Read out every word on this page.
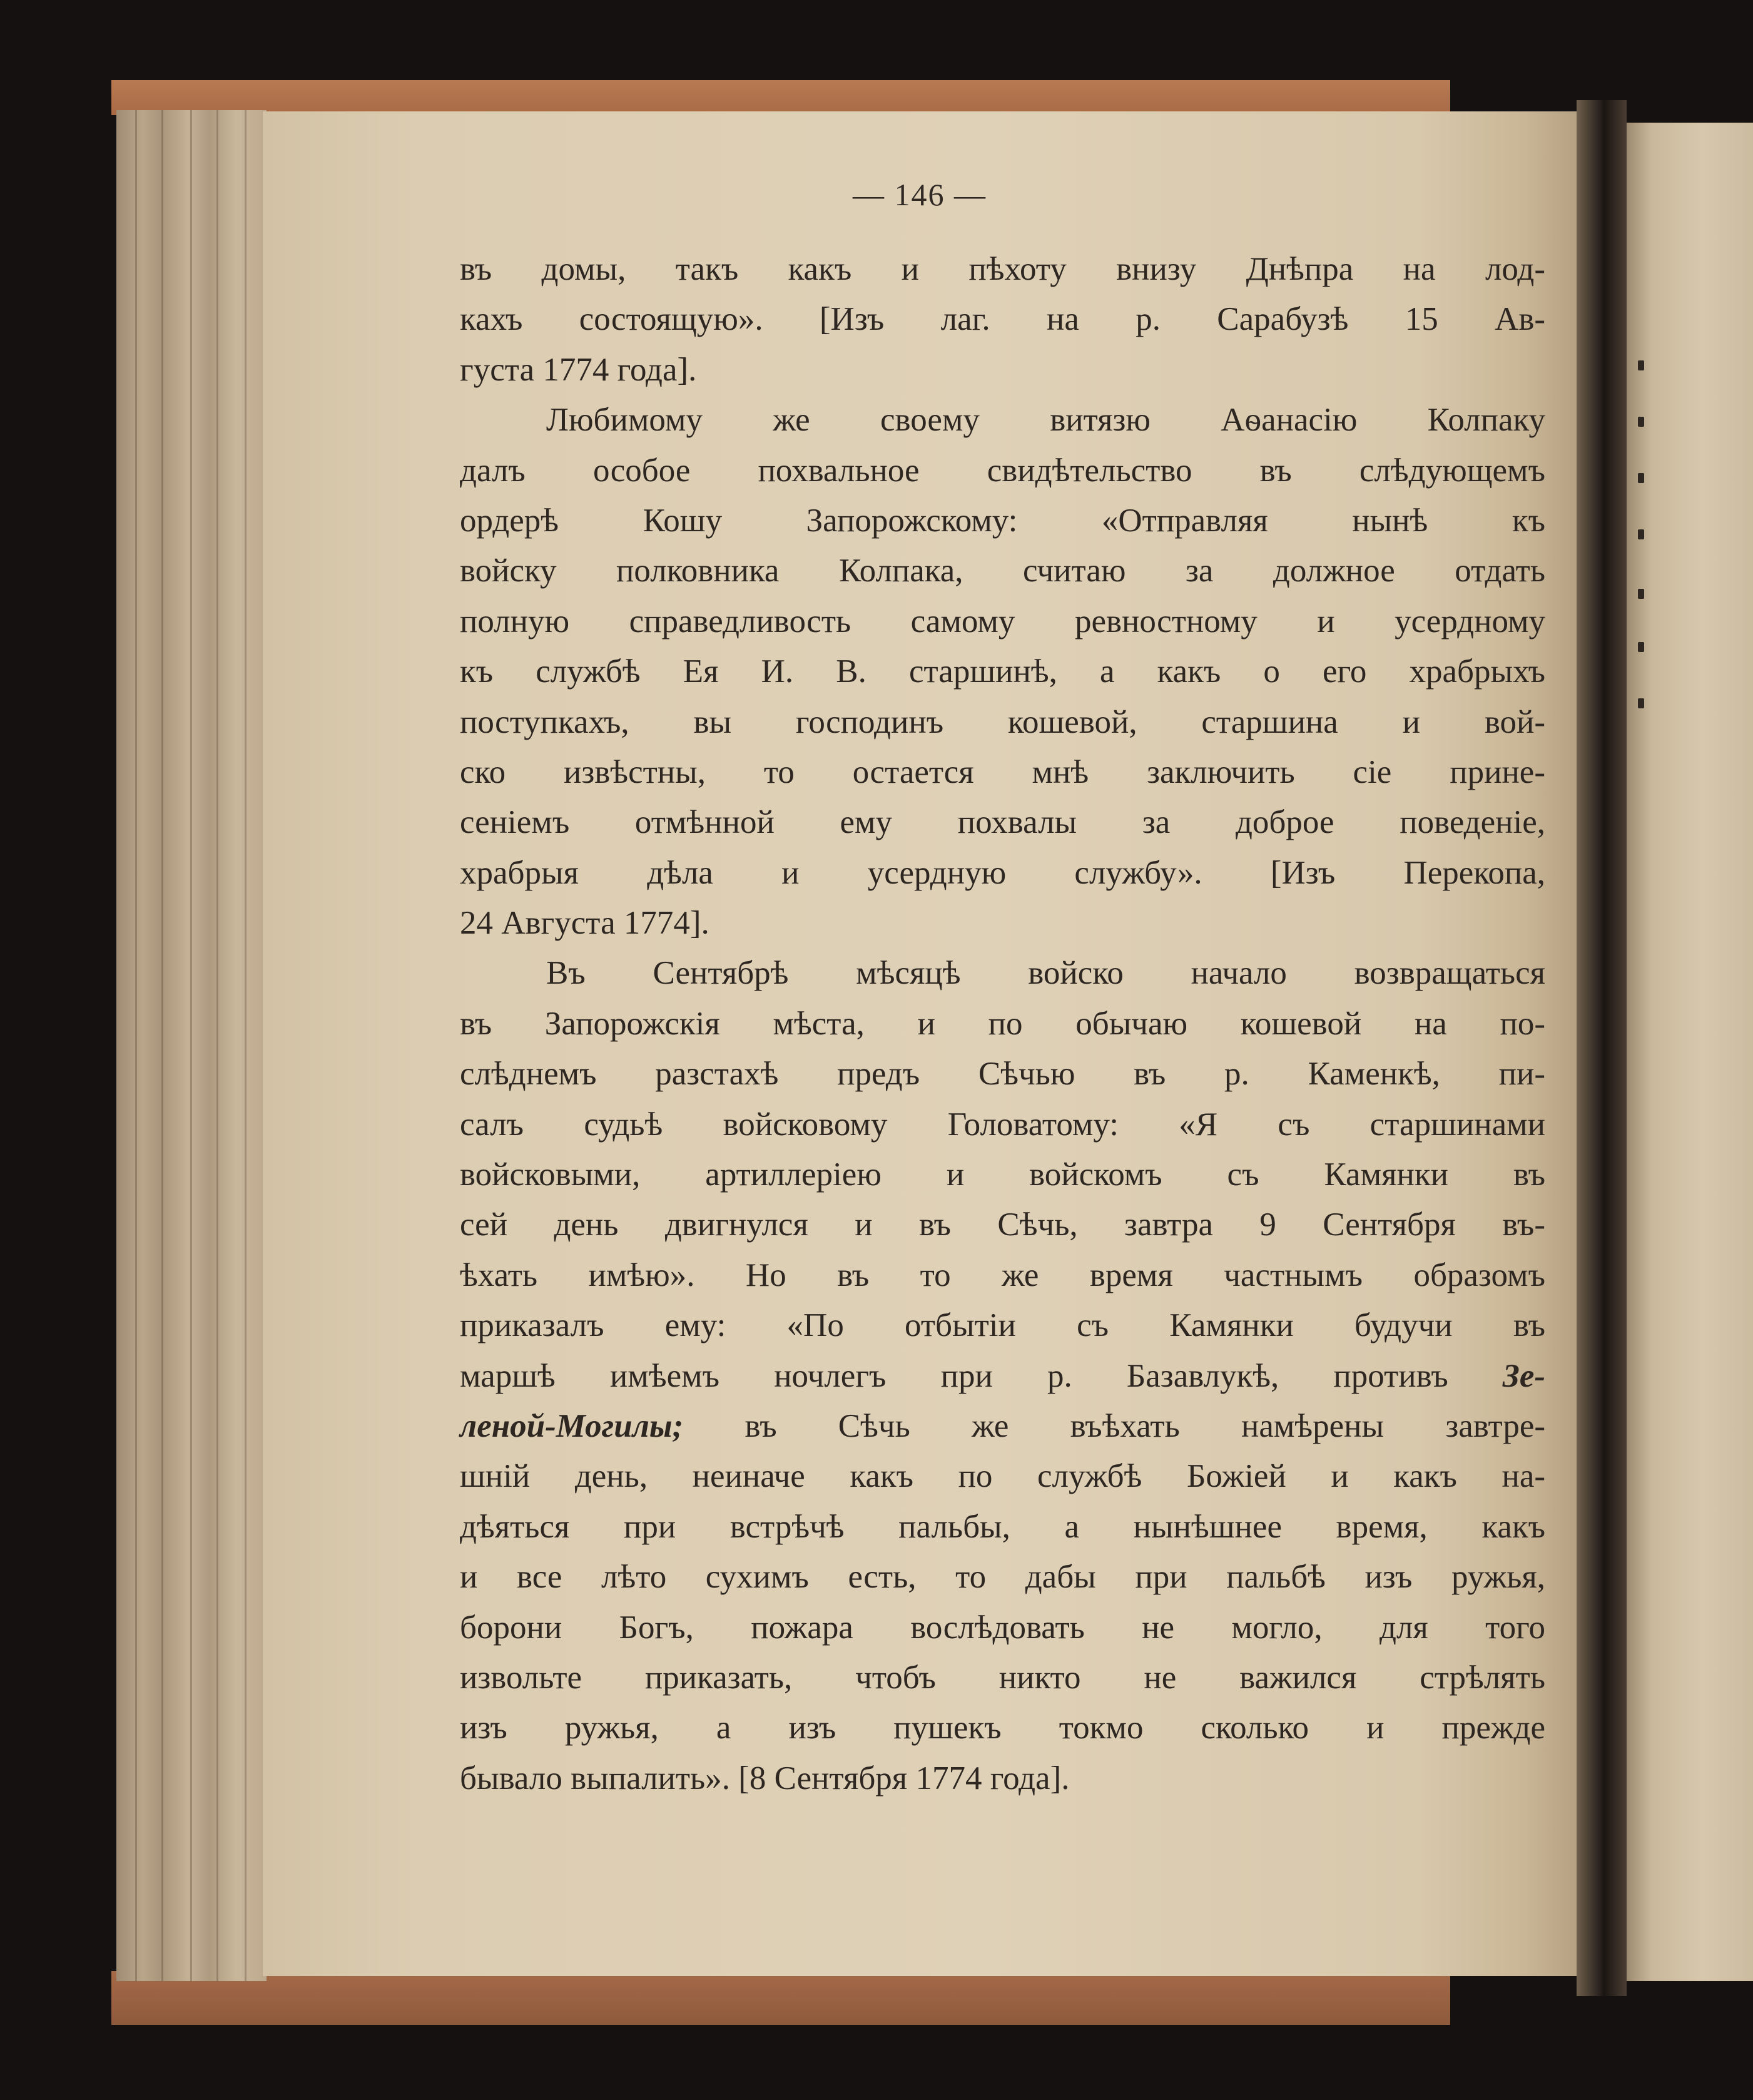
— 146 —
въ домы, такъ какъ и пѣхоту внизу Днѣпра на лод-
кахъ состоящую». [Изъ лаг. на р. Сарабузѣ 15 Ав-
густа 1774 года].
Любимому же своему витязю Аѳанасію Колпаку
далъ особое похвальное свидѣтельство въ слѣдующемъ
ордерѣ Кошу Запорожскому: «Отправляя нынѣ къ
войску полковника Колпака, считаю за должное отдать
полную справедливость самому ревностному и усердному
къ службѣ Ея И. В. старшинѣ, а какъ о его храбрыхъ
поступкахъ, вы господинъ кошевой, старшина и вой-
ско извѣстны, то остается мнѣ заключить сіе прине-
сеніемъ отмѣнной ему похвалы за доброе поведеніе,
храбрыя дѣла и усердную службу». [Изъ Перекопа,
24 Августа 1774].
Въ Сентябрѣ мѣсяцѣ войско начало возвращаться
въ Запорожскія мѣста, и по обычаю кошевой на по-
слѣднемъ разстахѣ предъ Сѣчью въ р. Каменкѣ, пи-
салъ судьѣ войсковому Головатому: «Я съ старшинами
войсковыми, артиллеріею и войскомъ съ Камянки въ
сей день двигнулся и въ Сѣчь, завтра 9 Сентября въ-
ѣхать имѣю». Но въ то же время частнымъ образомъ
приказалъ ему: «По отбытіи съ Камянки будучи въ
маршѣ имѣемъ ночлегъ при р. Базавлукѣ, противъ Зе-
леной-Могилы; въ Сѣчь же въѣхать намѣрены завтре-
шній день, неиначе какъ по службѣ Божіей и какъ на-
дѣяться при встрѣчѣ пальбы, а нынѣшнее время, какъ
и все лѣто сухимъ есть, то дабы при пальбѣ изъ ружья,
борони Богъ, пожара вослѣдовать не могло, для того
извольте приказать, чтобъ никто не важился стрѣлять
изъ ружья, а изъ пушекъ токмо сколько и прежде
бывало выпалить». [8 Сентября 1774 года].
